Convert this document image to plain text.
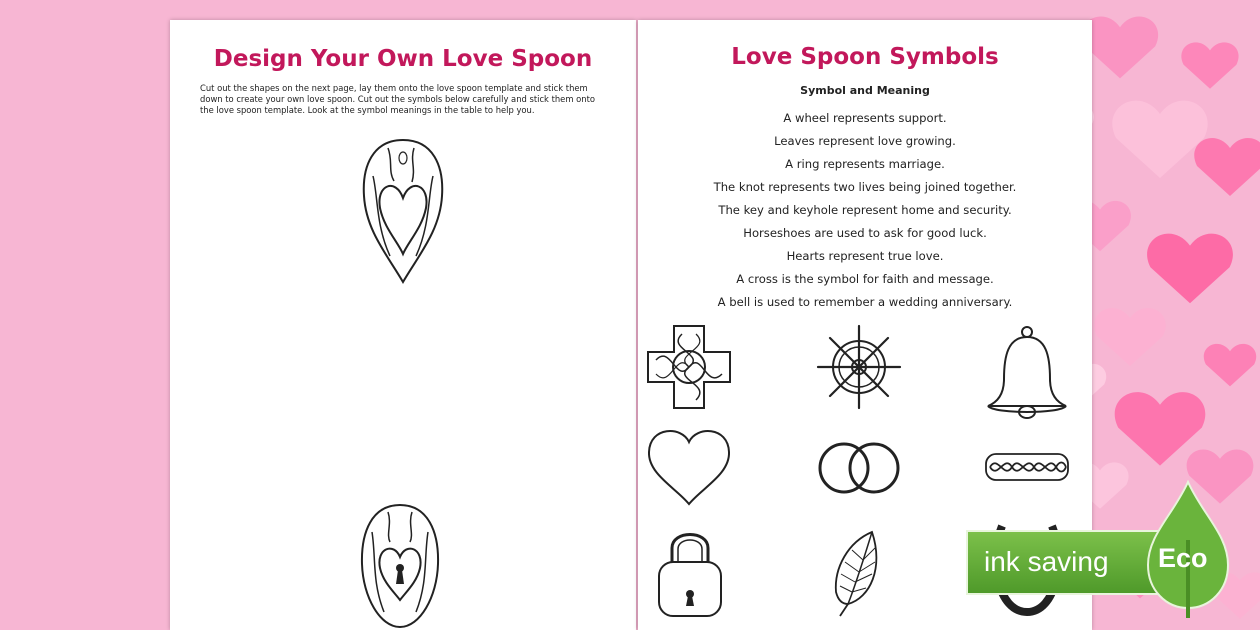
Design Your Own Love Spoon
Cut out the shapes on the next page, lay them onto the love spoon template and stick them down to create your own love spoon. Cut out the symbols below carefully and stick them onto the love spoon template. Look at the symbol meanings in the table to help you.
Love Spoon Symbols
Symbol and Meaning
A wheel represents support.
Leaves represent love growing.
A ring represents marriage.
The knot represents two lives being joined together.
The key and keyhole represent home and security.
Horseshoes are used to ask for good luck.
Hearts represent true love.
A cross is the symbol for faith and message.
A bell is used to remember a wedding anniversary.
ink saving Eco
